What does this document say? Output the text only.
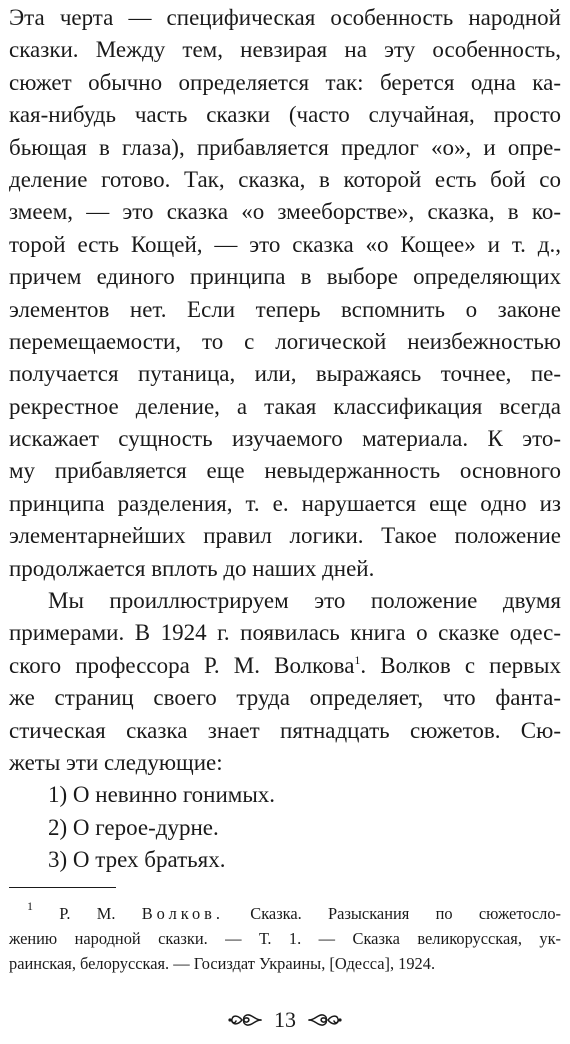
Эта черта — специфическая особенность народной
сказки. Между тем, невзирая на эту особенность,
сюжет обычно определяется так: берется одна ка-
кая-нибудь часть сказки (часто случайная, просто
бьющая в глаза), прибавляется предлог «о», и опре-
деление готово. Так, сказка, в которой есть бой со
змеем, — это сказка «о змееборстве», сказка, в ко-
торой есть Кощей, — это сказка «о Кощее» и т. д.,
причем единого принципа в выборе определяющих
элементов нет. Если теперь вспомнить о законе
перемещаемости, то с логической неизбежностью
получается путаница, или, выражаясь точнее, пе-
рекрестное деление, а такая классификация всегда
искажает сущность изучаемого материала. К это-
му прибавляется еще невыдержанность основного
принципа разделения, т. е. нарушается еще одно из
элементарнейших правил логики. Такое положение
продолжается вплоть до наших дней.
Мы проиллюстрируем это положение двумя
примерами. В 1924 г. появилась книга о сказке одес-
ского профессора Р. М. Волкова$^1$. Волков с первых
же страниц своего труда определяет, что фанта-
стическая сказка знает пятнадцать сюжетов. Сю-
жеты эти следующие:
1) О невинно гонимых.
2) О герое-дурне.
3) О трех братьях.
$^1$ Р. М. Волков. Сказка. Разыскания по сюжетосло-
жению народной сказки. — Т. 1. — Сказка великорусская, ук-
раинская, белорусская. — Госиздат Украины, [Одесса], 1924.
13
